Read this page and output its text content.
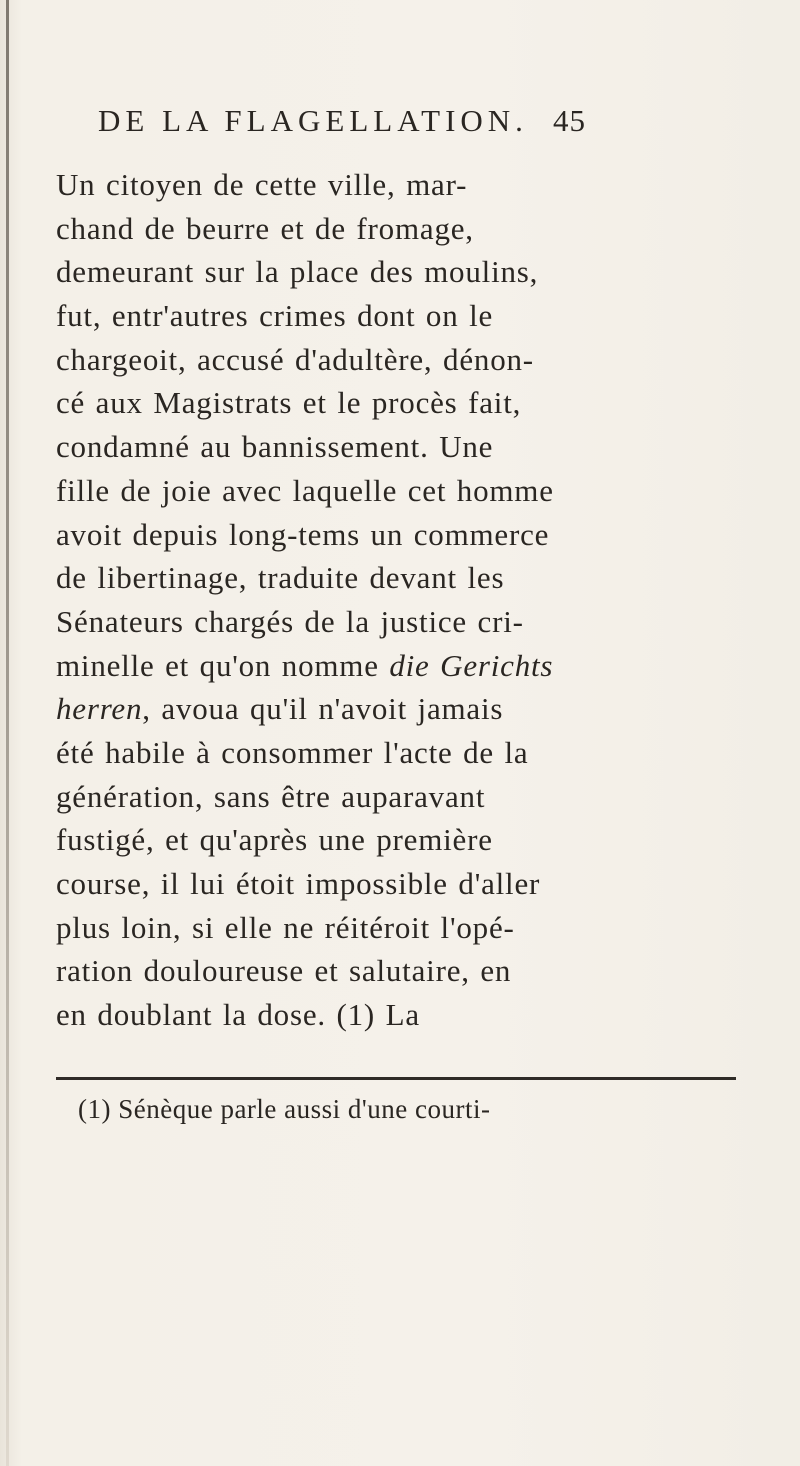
DE LA FLAGELLATION. 45
Un citoyen de cette ville, mar-
chand de beurre et de fromage,
demeurant sur la place des moulins,
fut, entr'autres crimes dont on le
chargeoit, accusé d'adultère, dénon-
cé aux Magistrats et le procès fait,
condamné au bannissement. Une
fille de joie avec laquelle cet homme
avoit depuis long-tems un commerce
de libertinage, traduite devant les
Sénateurs chargés de la justice cri-
minelle et qu'on nomme die Gerichts
herren, avoua qu'il n'avoit jamais
été habile à consommer l'acte de la
génération, sans être auparavant
fustigé, et qu'après une première
course, il lui étoit impossible d'aller
plus loin, si elle ne réitéroit l'opé-
ration douloureuse et salutaire, en
en doublant la dose. (1) La
(1) Sénèque parle aussi d'une courti-
